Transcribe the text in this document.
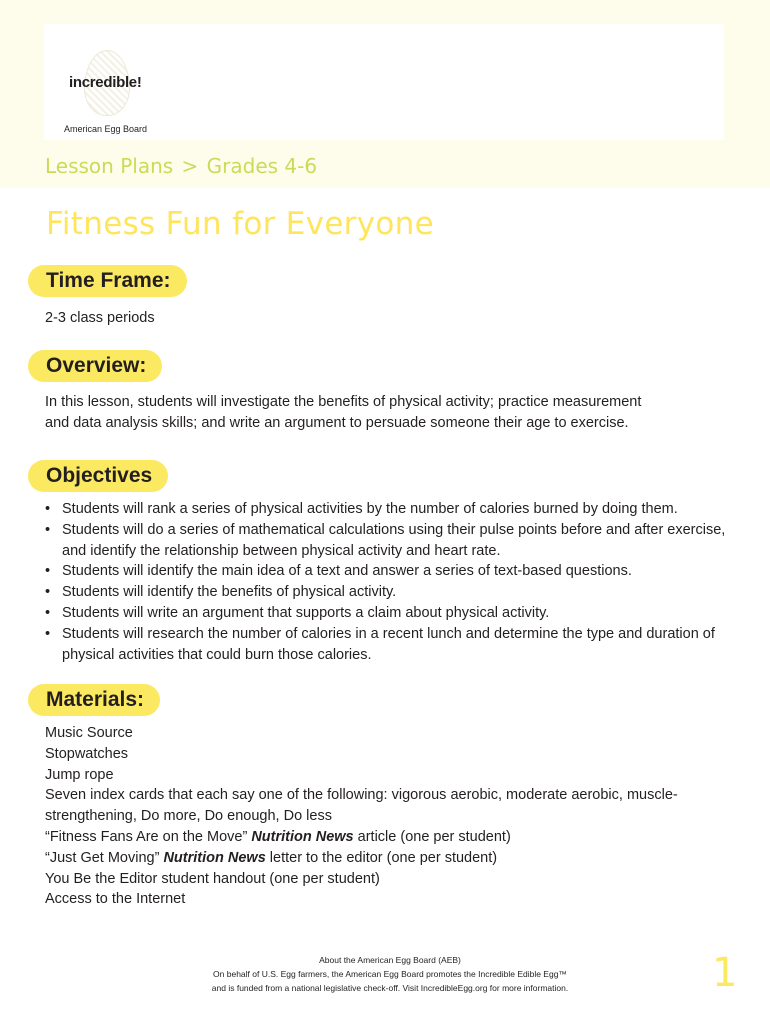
incredible!
American Egg Board
Lesson Plans > Grades 4-6
Fitness Fun for Everyone
Time Frame:
2-3 class periods
Overview:
In this lesson, students will investigate the benefits of physical activity; practice measurement
and data analysis skills; and write an argument to persuade someone their age to exercise.
Objectives
• Students will rank a series of physical activities by the number of calories burned by doing them.
• Students will do a series of mathematical calculations using their pulse points before and after exercise, and identify the relationship between physical activity and heart rate.
• Students will identify the main idea of a text and answer a series of text-based questions.
• Students will identify the benefits of physical activity.
• Students will write an argument that supports a claim about physical activity.
• Students will research the number of calories in a recent lunch and determine the type and duration of physical activities that could burn those calories.
Materials:
Music Source
Stopwatches
Jump rope
Seven index cards that each say one of the following: vigorous aerobic, moderate aerobic, muscle-strengthening, Do more, Do enough, Do less
“Fitness Fans Are on the Move” Nutrition News article (one per student)
“Just Get Moving” Nutrition News letter to the editor (one per student)
You Be the Editor student handout (one per student)
Access to the Internet
About the American Egg Board (AEB)
On behalf of U.S. Egg farmers, the American Egg Board promotes the Incredible Edible Egg™
and is funded from a national legislative check-off. Visit IncredibleEgg.org for more information.	1
